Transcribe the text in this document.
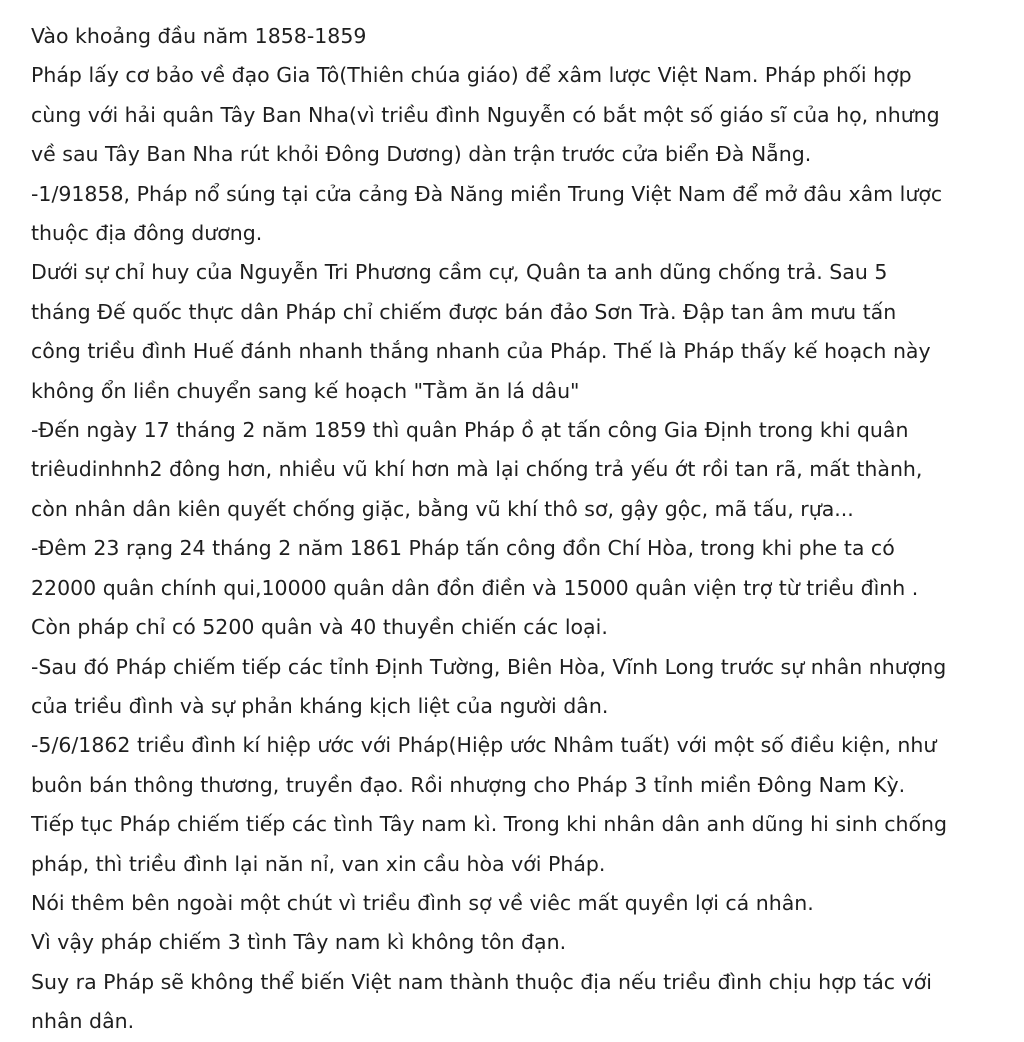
Vào khoảng đầu năm 1858-1859
Pháp lấy cơ bảo về đạo Gia Tô(Thiên chúa giáo) để xâm lược Việt Nam. Pháp phối hợp
cùng với hải quân Tây Ban Nha(vì triều đình Nguyễn có bắt một số giáo sĩ của họ, nhưng
về sau Tây Ban Nha rút khỏi Đông Dương) dàn trận trước cửa biển Đà Nẵng.
-1/91858, Pháp nổ súng tại cửa cảng Đà Năng miền Trung Việt Nam để mở đâu xâm lược
thuộc địa đông dương.
Dưới sự chỉ huy của Nguyễn Tri Phương cầm cự, Quân ta anh dũng chống trả. Sau 5
tháng Đế quốc thực dân Pháp chỉ chiếm được bán đảo Sơn Trà. Đập tan âm mưu tấn
công triều đình Huế đánh nhanh thắng nhanh của Pháp. Thế là Pháp thấy kế hoạch này
không ổn liền chuyển sang kế hoạch "Tằm ăn lá dâu"
-Đến ngày 17 tháng 2 năm 1859 thì quân Pháp ồ ạt tấn công Gia Định trong khi quân
triêudinhnh2 đông hơn, nhiều vũ khí hơn mà lại chống trả yếu ớt rồi tan rã, mất thành,
còn nhân dân kiên quyết chống giặc, bằng vũ khí thô sơ, gậy gộc, mã tấu, rựa...
-Đêm 23 rạng 24 tháng 2 năm 1861 Pháp tấn công đồn Chí Hòa, trong khi phe ta có
22000 quân chính qui,10000 quân dân đồn điền và 15000 quân viện trợ từ triều đình .
Còn pháp chỉ có 5200 quân và 40 thuyền chiến các loại.
-Sau đó Pháp chiếm tiếp các tỉnh Định Tường, Biên Hòa, Vĩnh Long trước sự nhân nhượng
của triều đình và sự phản kháng kịch liệt của người dân.
-5/6/1862 triều đình kí hiệp ước với Pháp(Hiệp ước Nhâm tuất) với một số điều kiện, như
buôn bán thông thương, truyền đạo. Rồi nhượng cho Pháp 3 tỉnh miền Đông Nam Kỳ.
Tiếp tục Pháp chiếm tiếp các tình Tây nam kì. Trong khi nhân dân anh dũng hi sinh chống
pháp, thì triều đình lại năn nỉ, van xin cầu hòa với Pháp.
Nói thêm bên ngoài một chút vì triều đình sợ về viêc mất quyền lợi cá nhân.
Vì vậy pháp chiếm 3 tình Tây nam kì không tôn đạn.
Suy ra Pháp sẽ không thể biến Việt nam thành thuộc địa nếu triều đình chịu hợp tác với
nhân dân.
